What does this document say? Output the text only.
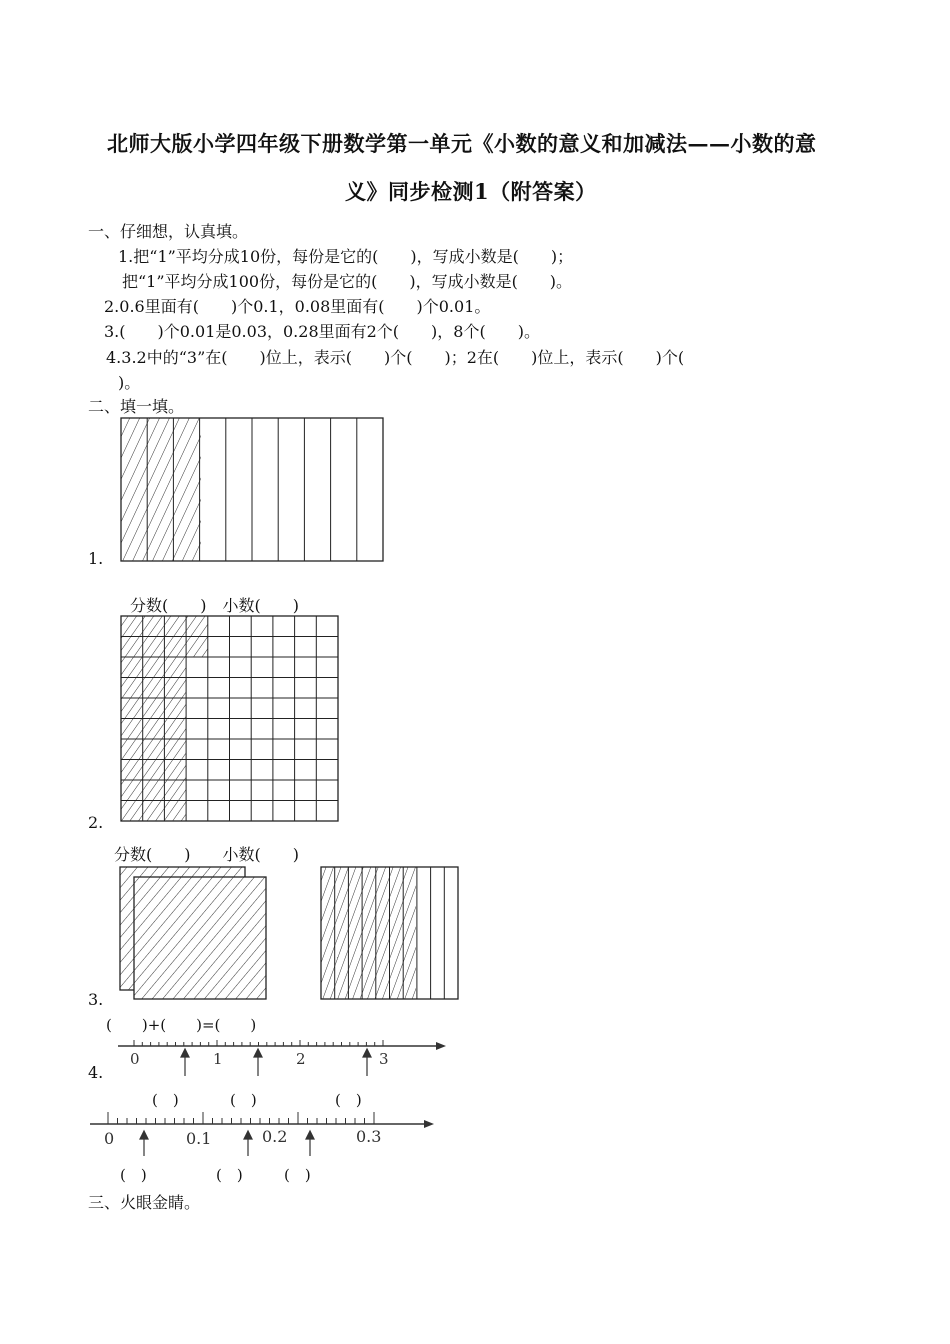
北师大版小学四年级下册数学第一单元《小数的意义和加减法——小数的意
义》同步检测1（附答案）
一、仔细想，认真填。
1.把“1”平均分成10份，每份是它的(　　)，写成小数是(　　)；
把“1”平均分成100份，每份是它的(　　)，写成小数是(　　)。
2.0.6里面有(　　)个0.1，0.08里面有(　　)个0.01。
3.(　　)个0.01是0.03，0.28里面有2个(　　)，8个(　　)。
4.3.2中的“3”在(　　)位上，表示(　　)个(　　)；2在(　　)位上，表示(　　)个(
)。
二、填一填。
1.
分数(　　)　小数(　　)
2.
分数(　　)　　小数(　　)
3.
(　　)+(　　)=(　　)
0	1	2	3
4.
(　)	(　)	(　)
0	0.1	0.2	0.3
(　)	(　)	(　)
三、火眼金睛。
